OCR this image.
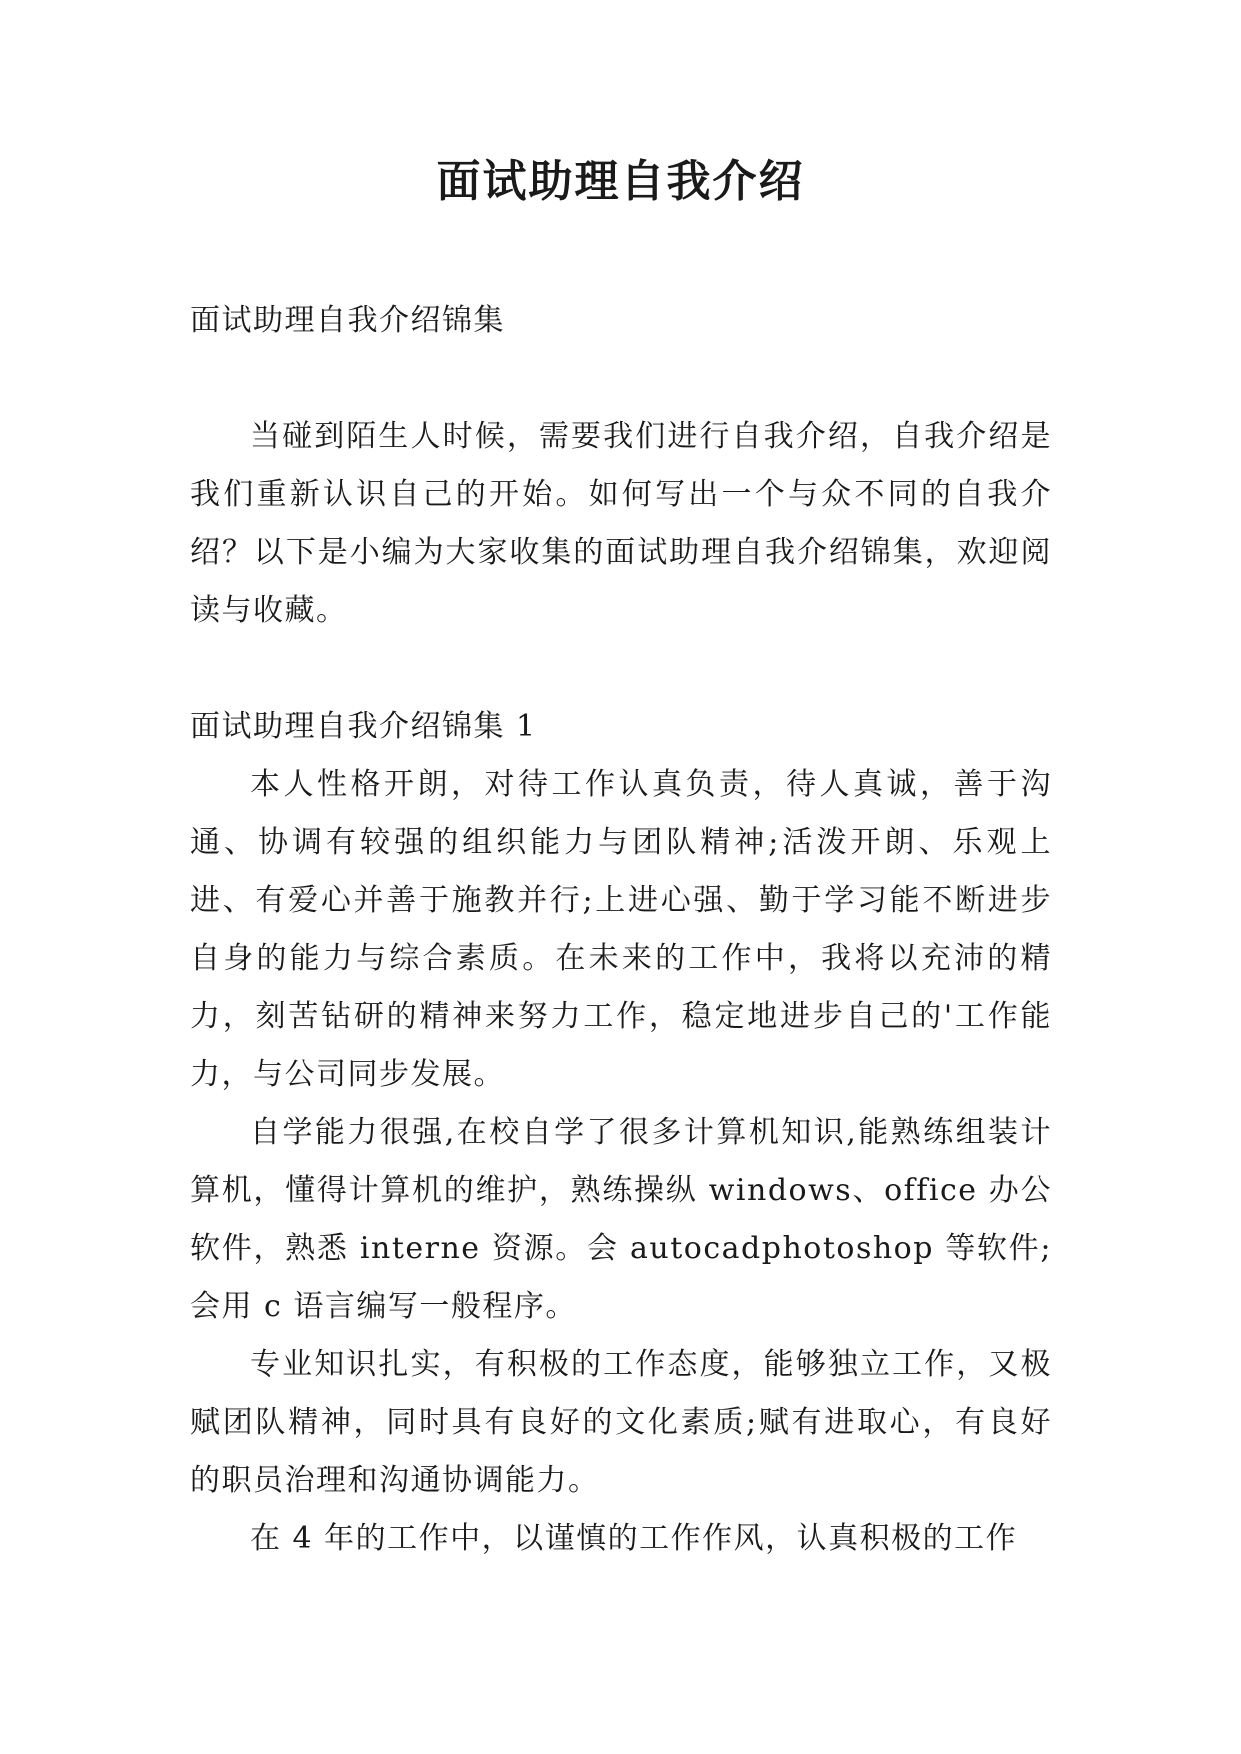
面试助理自我介绍

面试助理自我介绍锦集

当碰到陌生人时候，需要我们进行自我介绍，自我介绍是我们重新认识自己的开始。如何写出一个与众不同的自我介绍？以下是小编为大家收集的面试助理自我介绍锦集，欢迎阅读与收藏。

面试助理自我介绍锦集 1

本人性格开朗，对待工作认真负责，待人真诚，善于沟通、协调有较强的组织能力与团队精神;活泼开朗、乐观上进、有爱心并善于施教并行;上进心强、勤于学习能不断进步自身的能力与综合素质。在未来的工作中，我将以充沛的精力，刻苦钻研的精神来努力工作，稳定地进步自己的'工作能力，与公司同步发展。

自学能力很强,在校自学了很多计算机知识,能熟练组装计算机，懂得计算机的维护，熟练操纵 windows、office 办公软件，熟悉 interne 资源。会 autocadphotoshop 等软件;会用 c 语言编写一般程序。

专业知识扎实，有积极的工作态度，能够独立工作，又极赋团队精神，同时具有良好的文化素质;赋有进取心，有良好的职员治理和沟通协调能力。

在 4 年的工作中，以谨慎的工作作风，认真积极的工作
